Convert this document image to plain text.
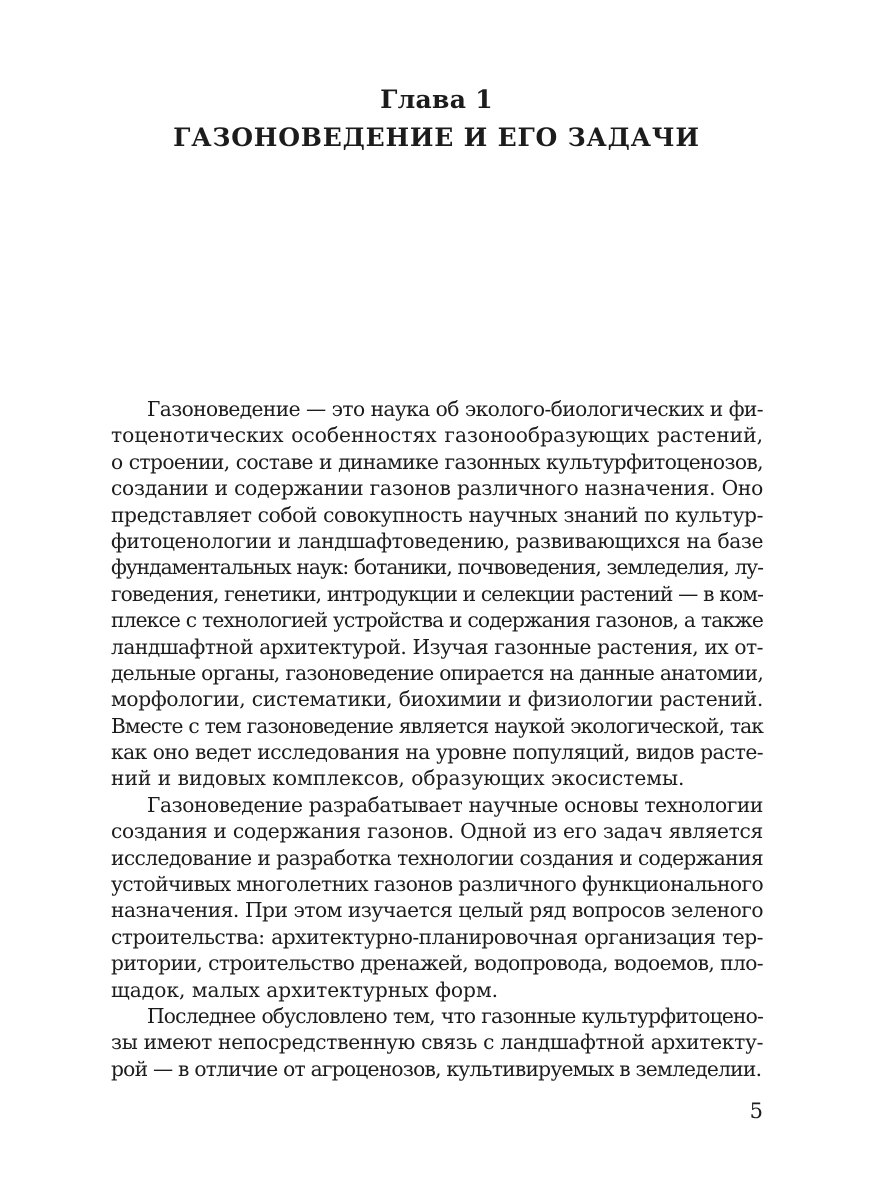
Глава 1
ГАЗОНОВЕДЕНИЕ И ЕГО ЗАДАЧИ

Газоноведение — это наука об эколого-биологических и фи-
тоценотических особенностях газонообразующих растений,
о строении, составе и динамике газонных культурфитоценозов,
создании и содержании газонов различного назначения. Оно
представляет собой совокупность научных знаний по культур-
фитоценологии и ландшафтоведению, развивающихся на базе
фундаментальных наук: ботаники, почвоведения, земледелия, лу-
говедения, генетики, интродукции и селекции растений — в ком-
плексе с технологией устройства и содержания газонов, а также
ландшафтной архитектурой. Изучая газонные растения, их от-
дельные органы, газоноведение опирается на данные анатомии,
морфологии, систематики, биохимии и физиологии растений.
Вместе с тем газоноведение является наукой экологической, так
как оно ведет исследования на уровне популяций, видов расте-
ний и видовых комплексов, образующих экосистемы.

Газоноведение разрабатывает научные основы технологии
создания и содержания газонов. Одной из его задач является
исследование и разработка технологии создания и содержания
устойчивых многолетних газонов различного функционального
назначения. При этом изучается целый ряд вопросов зеленого
строительства: архитектурно-планировочная организация тер-
ритории, строительство дренажей, водопровода, водоемов, пло-
щадок, малых архитектурных форм.

Последнее обусловлено тем, что газонные культурфитоцено-
зы имеют непосредственную связь с ландшафтной архитекту-
рой — в отличие от агроценозов, культивируемых в земледелии.

5
